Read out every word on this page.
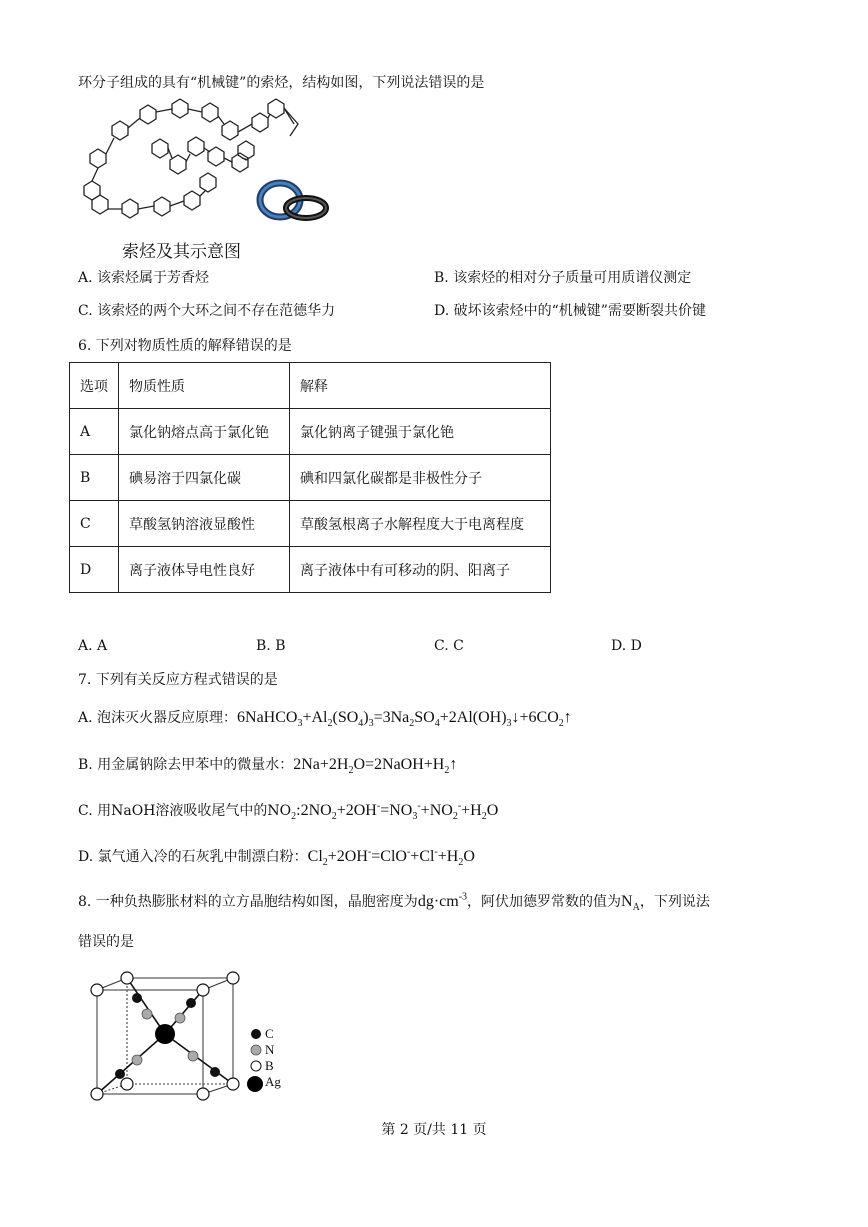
环分子组成的具有“机械键”的索烃，结构如图，下列说法错误的是
索烃及其示意图
A. 该索烃属于芳香烃	B. 该索烃的相对分子质量可用质谱仪测定
C. 该索烃的两个大环之间不存在范德华力	D. 破坏该索烃中的“机械键”需要断裂共价键
6. 下列对物质性质的解释错误的是
选项	物质性质	解释
A	氯化钠熔点高于氯化铯	氯化钠离子键强于氯化铯
B	碘易溶于四氯化碳	碘和四氯化碳都是非极性分子
C	草酸氢钠溶液显酸性	草酸氢根离子水解程度大于电离程度
D	离子液体导电性良好	离子液体中有可移动的阴、阳离子
A. A	B. B	C. C	D. D
7. 下列有关反应方程式错误的是
A. 泡沫灭火器反应原理：$6NaHCO_3+Al_2(SO_4)_3=3Na_2SO_4+2Al(OH)_3↓+6CO_2↑$
B. 用金属钠除去甲苯中的微量水：$2Na+2H_2O=2NaOH+H_2↑$
C. 用NaOH溶液吸收尾气中的$NO_2:2NO_2+2OH^-=NO_3^-+NO_2^-+H_2O$
D. 氯气通入冷的石灰乳中制漂白粉：$Cl_2+2OH^-=ClO^-+Cl^-+H_2O$
8. 一种负热膨胀材料的立方晶胞结构如图，晶胞密度为$dg\cdot cm^{-3}$，阿伏加德罗常数的值为$N_A$，下列说法
错误的是
C
N
B
Ag
第 2 页/共 11 页
